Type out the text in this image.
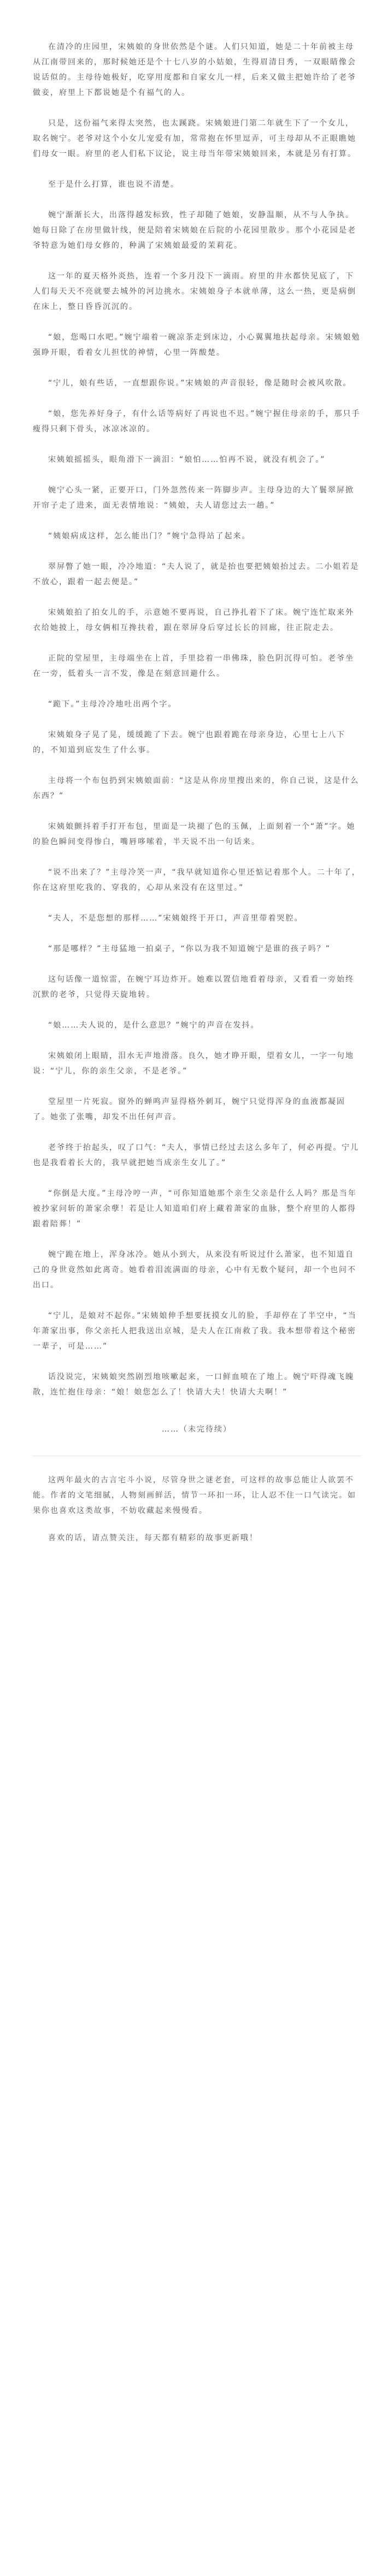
在清冷的庄园里，宋姨娘的身世依然是个谜。人们只知道，她是二十年前被主母从江南带回来的，那时候她还是个十七八岁的小姑娘，生得眉清目秀，一双眼睛像会说话似的。主母待她极好，吃穿用度都和自家女儿一样，后来又做主把她许给了老爷做妾，府里上下都说她是个有福气的人。

只是，这份福气来得太突然，也太蹊跷。宋姨娘进门第二年就生下了一个女儿，取名婉宁。老爷对这个小女儿宠爱有加，常常抱在怀里逗弄，可主母却从不正眼瞧她们母女一眼。府里的老人们私下议论，说主母当年带宋姨娘回来，本就是另有打算。

至于是什么打算，谁也说不清楚。

婉宁渐渐长大，出落得越发标致，性子却随了她娘，安静温顺，从不与人争执。她每日除了在房里做针线，便是陪着宋姨娘在后院的小花园里散步。那个小花园是老爷特意为她们母女修的，种满了宋姨娘最爱的茉莉花。

这一年的夏天格外炎热，连着一个多月没下一滴雨。府里的井水都快见底了，下人们每天天不亮就要去城外的河边挑水。宋姨娘身子本就单薄，这么一热，更是病倒在床上，整日昏昏沉沉的。

“娘，您喝口水吧。”婉宁端着一碗凉茶走到床边，小心翼翼地扶起母亲。宋姨娘勉强睁开眼，看着女儿担忧的神情，心里一阵酸楚。

“宁儿，娘有些话，一直想跟你说。”宋姨娘的声音很轻，像是随时会被风吹散。

“娘，您先养好身子，有什么话等病好了再说也不迟。”婉宁握住母亲的手，那只手瘦得只剩下骨头，冰凉冰凉的。

宋姨娘摇摇头，眼角滑下一滴泪：“娘怕……怕再不说，就没有机会了。”

婉宁心头一紧，正要开口，门外忽然传来一阵脚步声。主母身边的大丫鬟翠屏掀开帘子走了进来，面无表情地说：“姨娘，夫人请您过去一趟。”

“姨娘病成这样，怎么能出门？”婉宁急得站了起来。

翠屏瞥了她一眼，冷冷地道：“夫人说了，就是抬也要把姨娘抬过去。二小姐若是不放心，跟着一起去便是。”

宋姨娘拍了拍女儿的手，示意她不要再说，自己挣扎着下了床。婉宁连忙取来外衣给她披上，母女俩相互搀扶着，跟在翠屏身后穿过长长的回廊，往正院走去。

正院的堂屋里，主母端坐在上首，手里捻着一串佛珠，脸色阴沉得可怕。老爷坐在一旁，低着头一言不发，像是在刻意回避什么。

“跪下。”主母冷冷地吐出两个字。

宋姨娘身子晃了晃，缓缓跪了下去。婉宁也跟着跪在母亲身边，心里七上八下的，不知道到底发生了什么事。

主母将一个布包扔到宋姨娘面前：“这是从你房里搜出来的，你自己说，这是什么东西？”

宋姨娘颤抖着手打开布包，里面是一块褪了色的玉佩，上面刻着一个“萧”字。她的脸色瞬间变得惨白，嘴唇哆嗦着，半天说不出一句话来。

“说不出来了？”主母冷笑一声，“我早就知道你心里还惦记着那个人。二十年了，你在这府里吃我的、穿我的，心却从来没有在这里过。”

“夫人，不是您想的那样……”宋姨娘终于开口，声音里带着哭腔。

“那是哪样？”主母猛地一拍桌子，“你以为我不知道婉宁是谁的孩子吗？”

这句话像一道惊雷，在婉宁耳边炸开。她难以置信地看着母亲，又看看一旁始终沉默的老爷，只觉得天旋地转。

“娘……夫人说的，是什么意思？”婉宁的声音在发抖。

宋姨娘闭上眼睛，泪水无声地滑落。良久，她才睁开眼，望着女儿，一字一句地说：“宁儿，你的亲生父亲，不是老爷。”

堂屋里一片死寂。窗外的蝉鸣声显得格外刺耳，婉宁只觉得浑身的血液都凝固了。她张了张嘴，却发不出任何声音。

老爷终于抬起头，叹了口气：“夫人，事情已经过去这么多年了，何必再提。宁儿也是我看着长大的，我早就把她当成亲生女儿了。”

“你倒是大度。”主母冷哼一声，“可你知道她那个亲生父亲是什么人吗？那是当年被抄家问斩的萧家余孽！若是让人知道咱们府上藏着萧家的血脉，整个府里的人都得跟着陪葬！”

婉宁跪在地上，浑身冰冷。她从小到大，从来没有听说过什么萧家，也不知道自己的身世竟然如此离奇。她看着泪流满面的母亲，心中有无数个疑问，却一个也问不出口。

“宁儿，是娘对不起你。”宋姨娘伸手想要抚摸女儿的脸，手却停在了半空中，“当年萧家出事，你父亲托人把我送出京城，是夫人在江南救了我。我本想带着这个秘密一辈子，可是……”

话没说完，宋姨娘突然剧烈地咳嗽起来，一口鲜血喷在了地上。婉宁吓得魂飞魄散，连忙抱住母亲：“娘！娘您怎么了！快请大夫！快请大夫啊！”

……（未完待续）

这两年最火的古言宅斗小说，尽管身世之谜老套，可这样的故事总能让人欲罢不能。作者的文笔细腻，人物刻画鲜活，情节一环扣一环，让人忍不住一口气读完。如果你也喜欢这类故事，不妨收藏起来慢慢看。

喜欢的话，请点赞关注，每天都有精彩的故事更新哦！
